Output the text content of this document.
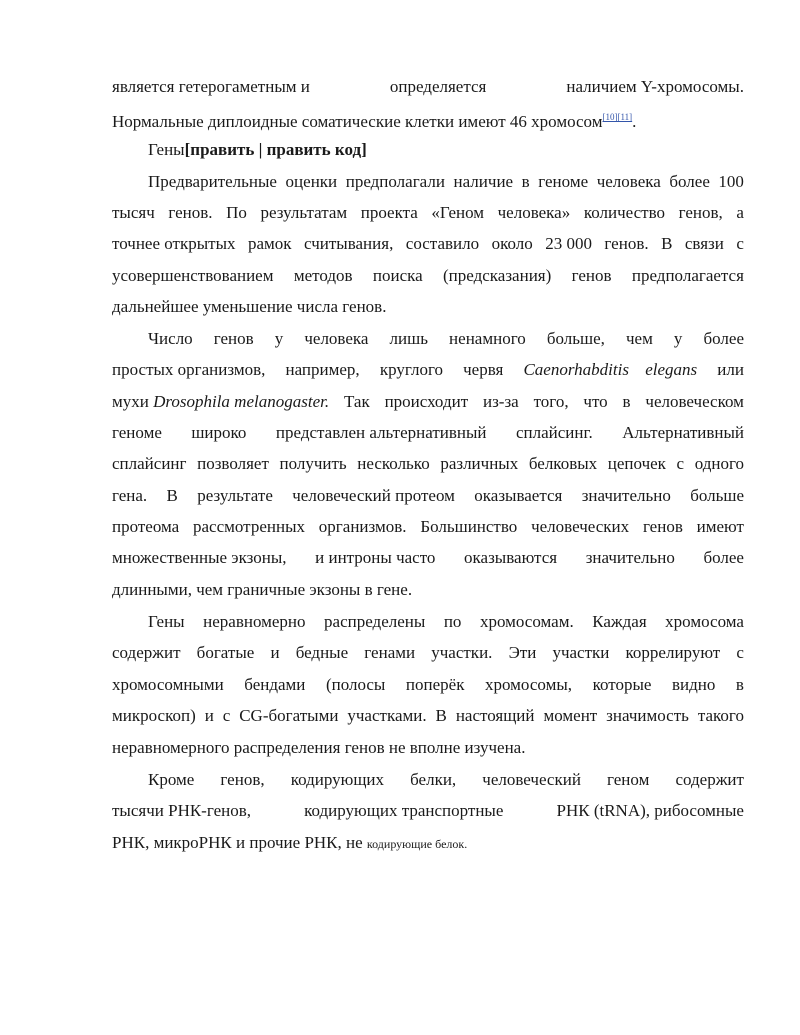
является гетерогаметным и	определяется	наличием Y-хромосомы.
Нормальные диплоидные соматические клетки имеют 46 хромосом[10][11].
Гены[править | править код]
Предварительные оценки предполагали наличие в геноме человека более 100
тысяч генов. По результатам проекта «Геном человека» количество генов, а
точнее открытых рамок считывания, составило около 23 000 генов. В связи с
усовершенствованием методов поиска (предсказания) генов предполагается
дальнейшее уменьшение числа генов.
Число генов у человека лишь ненамного больше, чем у более
простых организмов, например, круглого червя Caenorhabditis elegans или
мухи Drosophila melanogaster. Так происходит из-за того, что в человеческом
геноме широко представлен альтернативный сплайсинг. Альтернативный
сплайсинг позволяет получить несколько различных белковых цепочек с одного
гена. В результате человеческий протеом оказывается значительно больше
протеома рассмотренных организмов. Большинство человеческих генов имеют
множественные экзоны, и интроны часто оказываются значительно более
длинными, чем граничные экзоны в гене.
Гены неравномерно распределены по хромосомам. Каждая хромосома
содержит богатые и бедные генами участки. Эти участки коррелируют с
хромосомными бендами (полосы поперёк хромосомы, которые видно в
микроскоп) и с CG-богатыми участками. В настоящий момент значимость такого
неравномерного распределения генов не вполне изучена.
Кроме генов, кодирующих белки, человеческий геном содержит
тысячи РНК-генов,	кодирующих транспортные	РНК (tRNA), рибосомные
РНК, микроРНК и прочие РНК, не кодирующие белок.
